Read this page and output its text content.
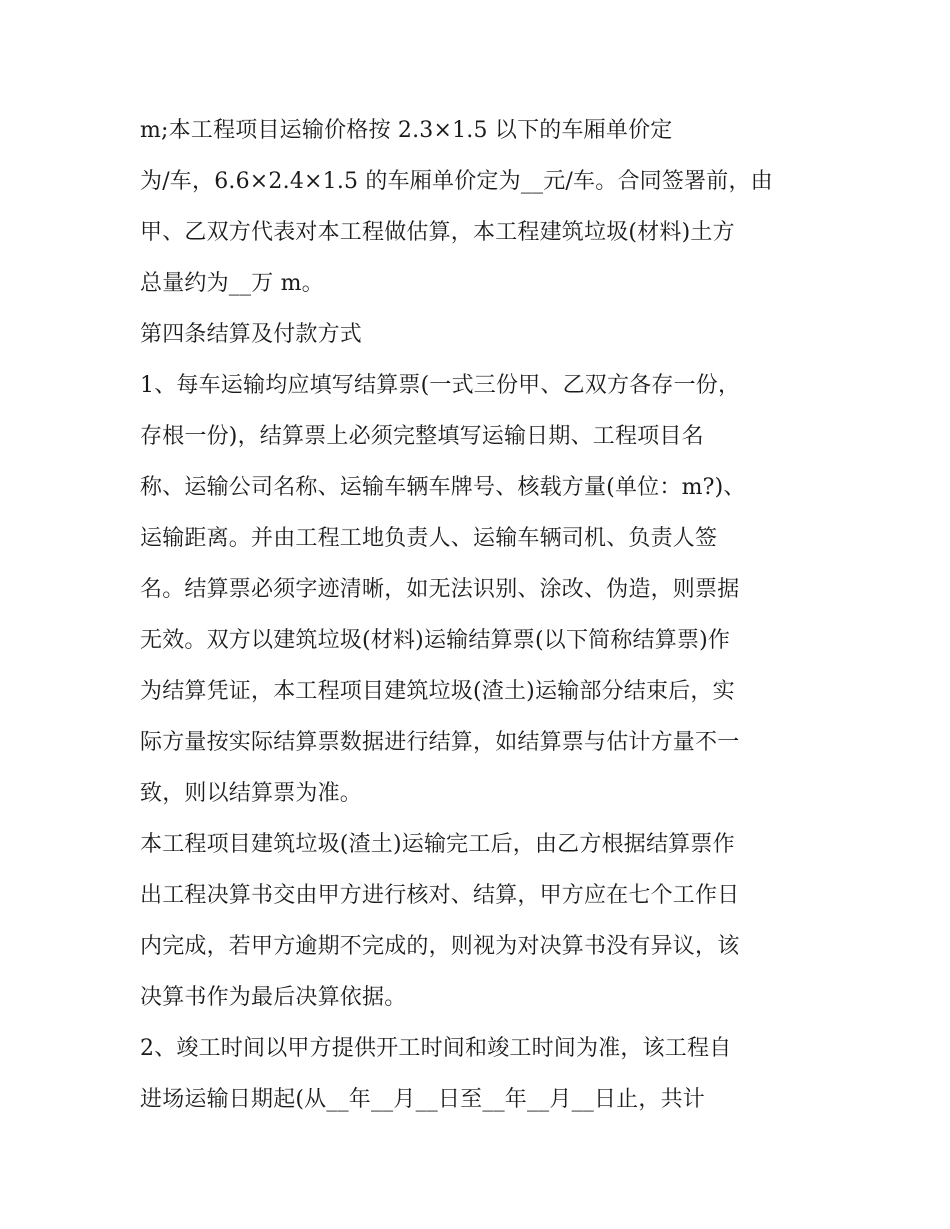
m;本工程项目运输价格按 2.3×1.5 以下的车厢单价定
为/车，6.6×2.4×1.5 的车厢单价定为__元/车。合同签署前，由
甲、乙双方代表对本工程做估算，本工程建筑垃圾(材料)土方
总量约为__万 m。
第四条结算及付款方式
1、每车运输均应填写结算票(一式三份甲、乙双方各存一份，
存根一份)，结算票上必须完整填写运输日期、工程项目名
称、运输公司名称、运输车辆车牌号、核载方量(单位：m?)、
运输距离。并由工程工地负责人、运输车辆司机、负责人签
名。结算票必须字迹清晰，如无法识别、涂改、伪造，则票据
无效。双方以建筑垃圾(材料)运输结算票(以下简称结算票)作
为结算凭证，本工程项目建筑垃圾(渣土)运输部分结束后，实
际方量按实际结算票数据进行结算，如结算票与估计方量不一
致，则以结算票为准。
本工程项目建筑垃圾(渣土)运输完工后，由乙方根据结算票作
出工程决算书交由甲方进行核对、结算，甲方应在七个工作日
内完成，若甲方逾期不完成的，则视为对决算书没有异议，该
决算书作为最后决算依据。
2、竣工时间以甲方提供开工时间和竣工时间为准，该工程自
进场运输日期起(从__年__月__日至__年__月__日止，共计
